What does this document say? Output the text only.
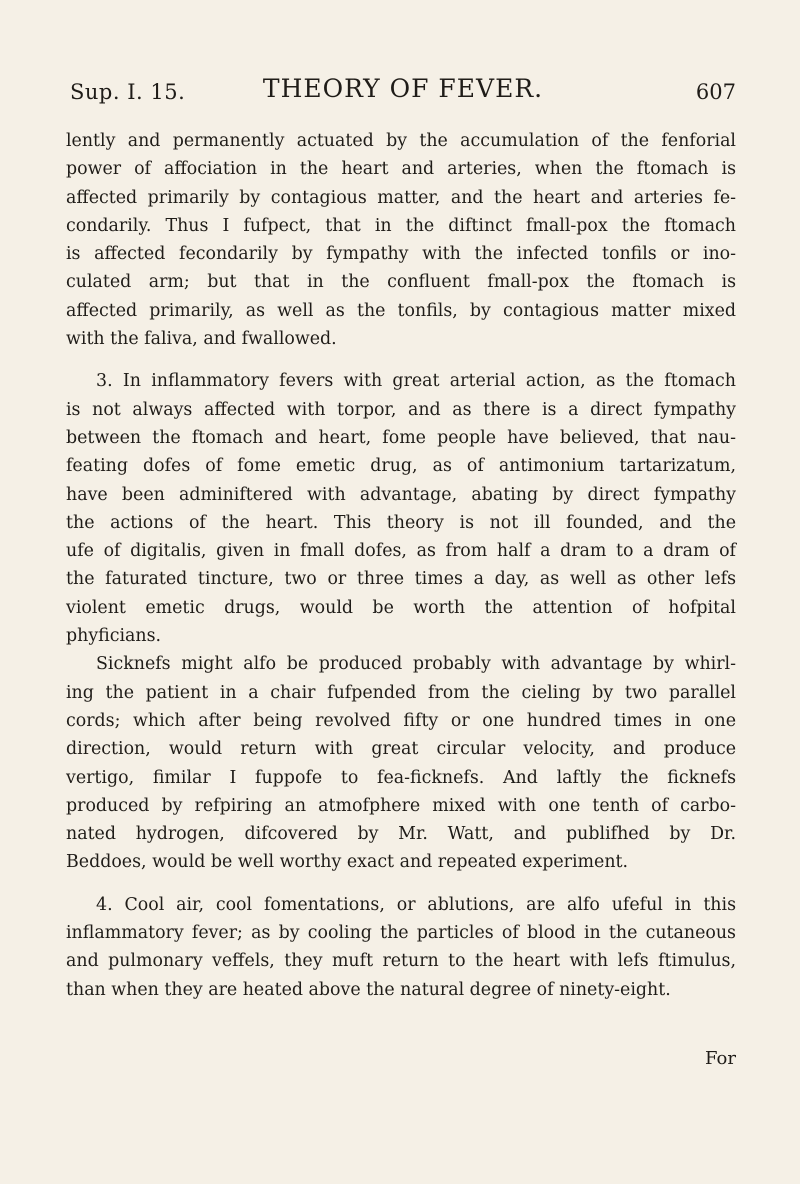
Sup. I. 15.	THEORY OF FEVER.	607

lently and permanently actuated by the accumulation of the fenforial
power of affociation in the heart and arteries, when the ftomach is
affected primarily by contagious matter, and the heart and arteries fe-
condarily. Thus I fufpect, that in the diftinct fmall-pox the ftomach
is affected fecondarily by fympathy with the infected tonfils or ino-
culated arm; but that in the confluent fmall-pox the ftomach is
affected primarily, as well as the tonfils, by contagious matter mixed
with the faliva, and fwallowed.

3. In inflammatory fevers with great arterial action, as the ftomach
is not always affected with torpor, and as there is a direct fympathy
between the ftomach and heart, fome people have believed, that nau-
feating dofes of fome emetic drug, as of antimonium tartarizatum,
have been adminiftered with advantage, abating by direct fympathy
the actions of the heart. This theory is not ill founded, and the
ufe of digitalis, given in fmall dofes, as from half a dram to a dram of
the faturated tincture, two or three times a day, as well as other lefs
violent emetic drugs, would be worth the attention of hofpital
phyficians.

Sicknefs might alfo be produced probably with advantage by whirl-
ing the patient in a chair fufpended from the cieling by two parallel
cords; which after being revolved fifty or one hundred times in one
direction, would return with great circular velocity, and produce
vertigo, fimilar I fuppofe to fea-ficknefs. And laftly the ficknefs
produced by refpiring an atmofphere mixed with one tenth of carbo-
nated hydrogen, difcovered by Mr. Watt, and publifhed by Dr.
Beddoes, would be well worthy exact and repeated experiment.

4. Cool air, cool fomentations, or ablutions, are alfo ufeful in this
inflammatory fever; as by cooling the particles of blood in the cutaneous
and pulmonary veffels, they muft return to the heart with lefs ftimulus,
than when they are heated above the natural degree of ninety-eight.

For
